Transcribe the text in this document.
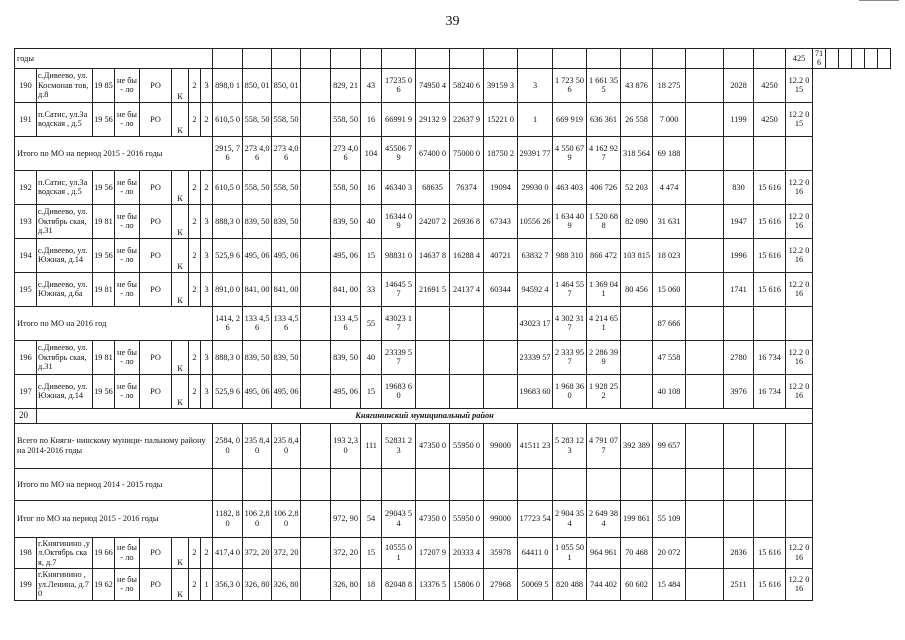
39
годы																										425	716					
190	с.Дивеево, ул.Космонав тов, д.8	19 85	не бы- ло	РО	К	2	3	898,0 1	850, 01	850, 01		829, 21	43	17235 06	74950 4	58240 6	39159 3	3	1 723 506	1 661 355	43 876	18 275		2028	4250	12.2 015						
191	п.Сатис, ул.Заводская , д.5	19 56	не бы- ло	РО	К	2	2	610,5 0	558, 50	558, 50		558, 50	16	66991 9	29132 9	22637 9	15221 0	1	669 919	636 361	26 558	7 000		1199	4250	12.2 015						
Итого по МО на период 2015 - 2016 годы								2915, 76	273 4,06	273 4,06		273 4,06	104	45506 79	67400 0	75000 0	18750 2	29391 77	4 550 679	4 162 927	318 564	69 188										
192	п.Сатис, ул.Заводская , д.5	19 56	не бы- ло	РО	К	2	2	610,5 0	558, 50	558, 50		558, 50	16	46340 3	68635	76374	19094	29930 0	463 403	406 726	52 203	4 474		830	15 616	12.2 016						
193	с.Дивеево, ул.Октябрь ская, д.31	19 81	не бы- ло	РО	К	2	3	888,3 0	839, 50	839, 50		839, 50	40	16344 09	24207 2	26936 8	67343	10556 26	1 634 409	1 520 688	82 090	31 631		1947	15 616	12.2 016						
194	с.Дивеево, ул.Южная, д.14	19 56	не бы- ло	РО	К	2	3	525,9 6	495, 06	495, 06		495, 06	15	98831 0	14637 8	16288 4	40721	63832 7	988 310	866 472	103 815	18 023		1996	15 616	12.2 016						
195	с.Дивеево, ул.Южная, д.6а	19 81	не бы- ло	РО	К	2	3	891,0 0	841, 00	841, 00		841, 00	33	14645 57	21691 5	24137 4	60344	94592 4	1 464 557	1 369 041	80 456	15 060		1741	15 616	12.2 016						
Итого по МО на 2016 год								1414, 26	133 4,56	133 4,56		133 4,56	55	43023 17				43023 17	4 302 317	4 214 651		87 666										
196	с.Дивеево, ул.Октябрь ская, д.31	19 81	не бы- ло	РО	К	2	3	888,3 0	839, 50	839, 50		839, 50	40	23339 57				23339 57	2 333 957	2 286 399		47 558		2780	16 734	12.2 016						
197	с.Дивеево, ул.Южная, д.14	19 56	не бы- ло	РО	К	2	3	525,9 6	495, 06	495, 06		495, 06	15	19683 60				19683 60	1 968 360	1 928 252		40 108		3976	16 734	12.2 016						
20	Княгининский муниципальный район																															
Всего по Княги- нинскому муници- пальному району на 2014-2016 годы								2584, 00	235 8,40	235 8,40		193 2,30	111	52831 23	47350 0	55950 0	99000	41511 23	5 283 123	4 791 077	392 389	99 657										
Итого по МО на период 2014 - 2015 годы																																
Итог по МО на период 2015 - 2016 годы								1182, 80	106 2,80	106 2,80		972, 90	54	29043 54	47350 0	55950 0	99000	17723 54	2 904 354	2 649 384	199 861	55 109										
198	г.Княгинино ,ул.Октябрь ская, д.7	19 66	не бы- ло	РО	К	2	2	417,4 0	372, 20	372, 20		372, 20	15	10555 01	17207 9	20333 4	35978	64411 0	1 055 501	964 961	70 468	20 072		2836	15 616	12.2 016						
199	г.Княгинино , ул.Ленина, д.70	19 62	не бы- ло	РО	К	2	1	356,3 0	326, 80	326, 80		326, 80	18	82048 8	13376 5	15806 0	27968	50069 5	820 488	744 402	60 602	15 484		2511	15 616	12.2 016						
